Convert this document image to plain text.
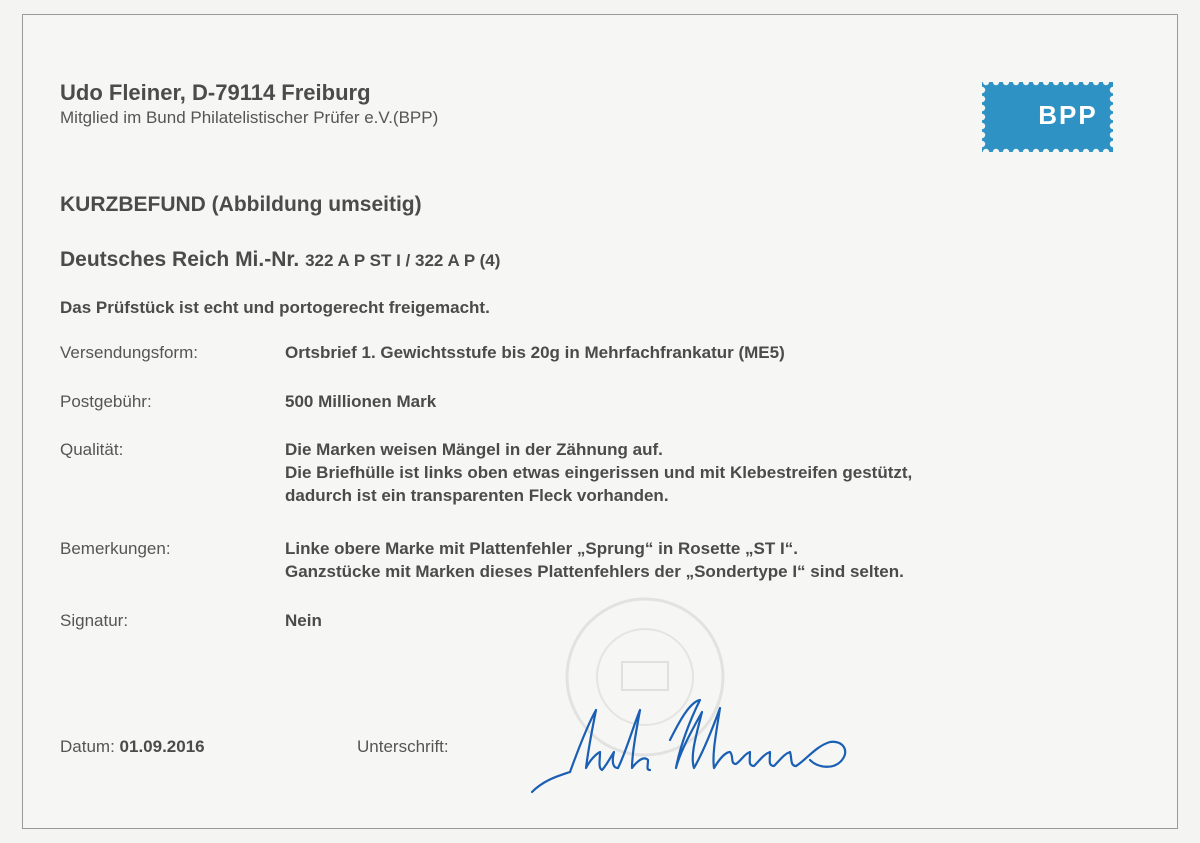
Udo Fleiner, D-79114 Freiburg
Mitglied im Bund Philatelistischer Prüfer e.V.(BPP)	BPP
KURZBEFUND (Abbildung umseitig)
Deutsches Reich Mi.-Nr. 322 A P ST I / 322 A P (4)
Das Prüfstück ist echt und portogerecht freigemacht.
Versendungsform:	Ortsbrief 1. Gewichtsstufe bis 20g in Mehrfachfrankatur (ME5)
Postgebühr:	500 Millionen Mark
Qualität:	Die Marken weisen Mängel in der Zähnung auf.
Die Briefhülle ist links oben etwas eingerissen und mit Klebestreifen gestützt,
dadurch ist ein transparenten Fleck vorhanden.
Bemerkungen:	Linke obere Marke mit Plattenfehler „Sprung“ in Rosette „ST I“.
Ganzstücke mit Marken dieses Plattenfehlers der „Sondertype I“ sind selten.
Signatur:	Nein
Datum: 01.09.2016	Unterschrift:
